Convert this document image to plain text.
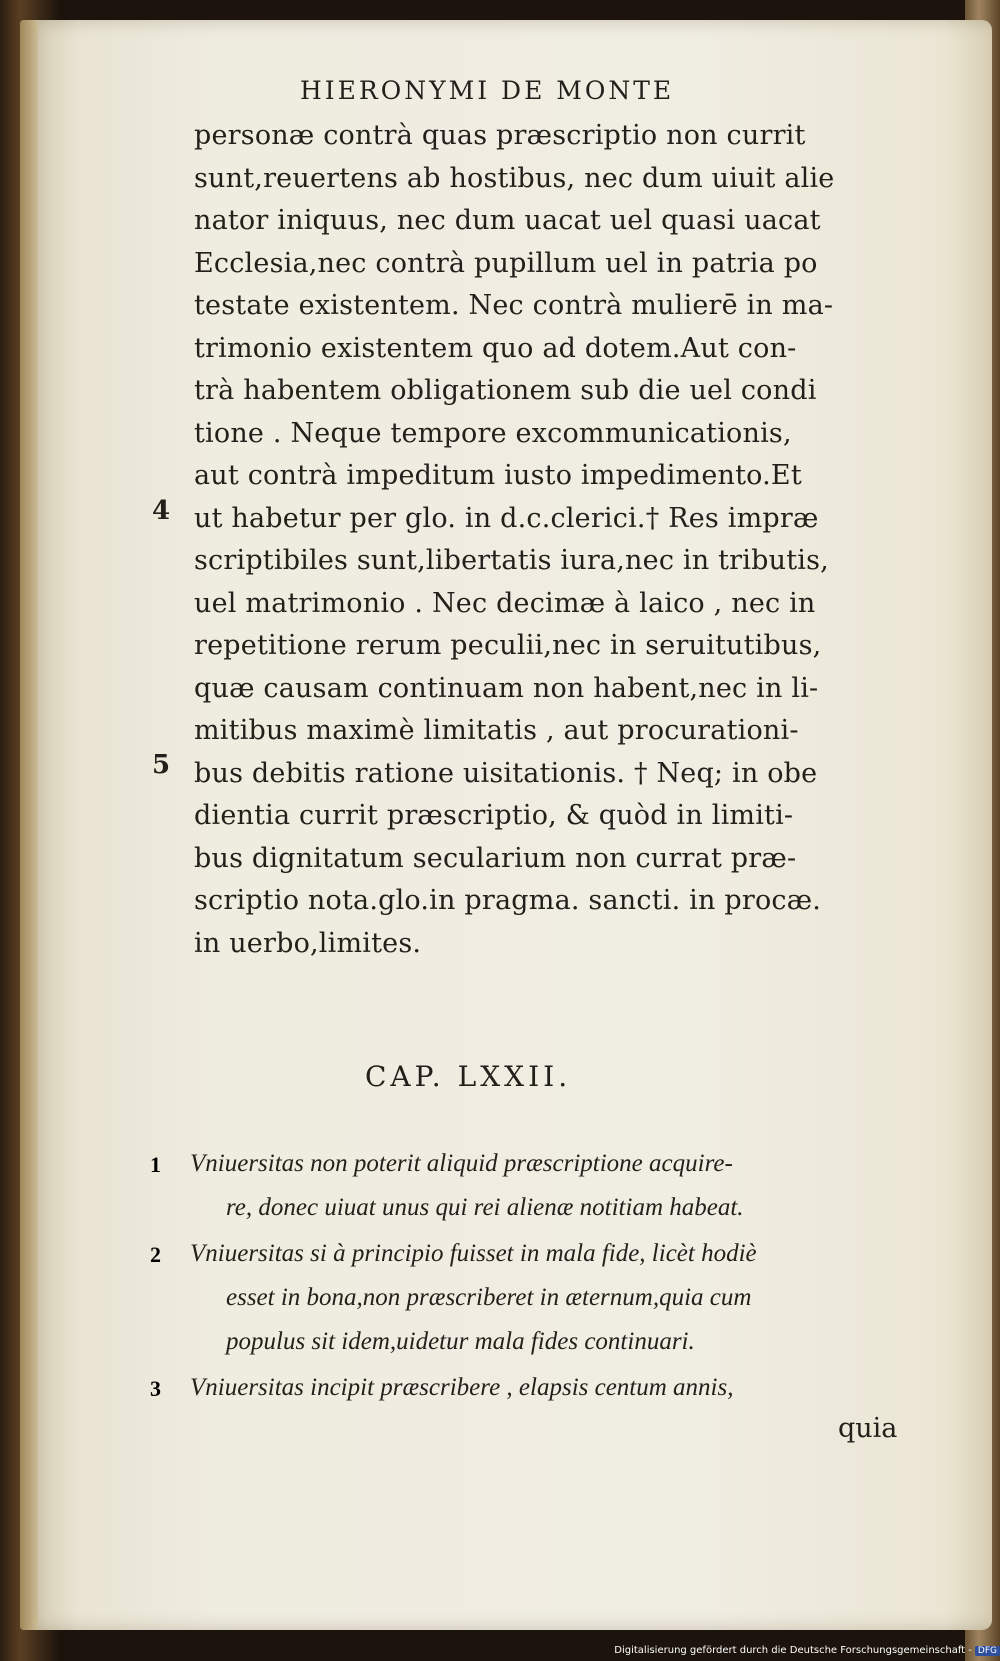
HIERONYMI DE MONTE
personæ contrà quas præscriptio non currit
sunt,reuertens ab hostibus, nec dum uiuit alie
nator iniquus, nec dum uacat uel quasi uacat
Ecclesia,nec contrà pupillum uel in patria po
testate existentem. Nec contrà mulierē in ma-
trimonio existentem quo ad dotem.Aut con-
trà habentem obligationem sub die uel condi
tione . Neque tempore excommunicationis,
aut contrà impeditum iusto impedimento.Et
ut habetur per glo. in d.c.clerici.† Res impræ
scriptibiles sunt,libertatis iura,nec in tributis,
uel matrimonio . Nec decimæ à laico , nec in
repetitione rerum peculii,nec in seruitutibus,
quæ causam continuam non habent,nec in li-
mitibus maximè limitatis , aut procurationi-
bus debitis ratione uisitationis. † Neq; in obe
dientia currit præscriptio, & quòd in limiti-
bus dignitatum secularium non currat præ-
scriptio nota.glo.in pragma. sancti. in procæ.
in uerbo,limites.
4
5
CAP. LXXII.
1 Vniuersitas non poterit aliquid præscriptione acquire-
re, donec uiuat unus qui rei alienæ notitiam habeat.
2 Vniuersitas si à principio fuisset in mala fide, licèt hodiè
esset in bona,non præscriberet in æternum,quia cum
populus sit idem,uidetur mala fides continuari.
3 Vniuersitas incipit præscribere , elapsis centum annis,
quia
Digitalisierung gefördert durch die Deutsche Forschungsgemeinschaft - DFG
